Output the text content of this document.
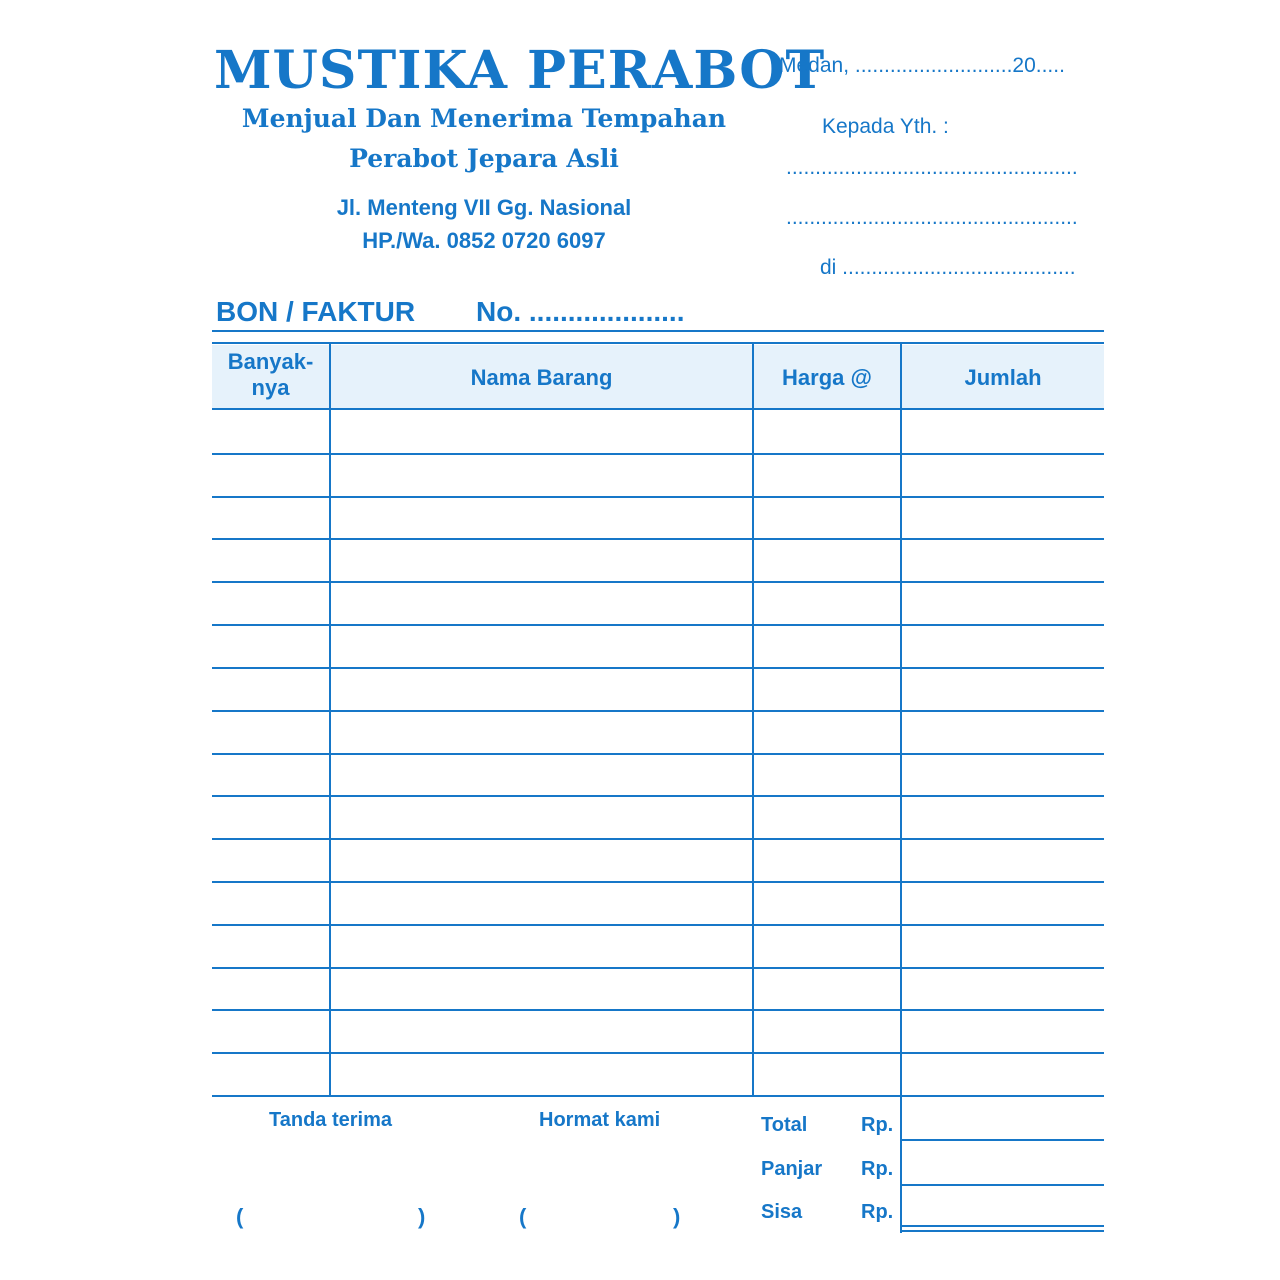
MUSTIKA PERABOT
Menjual Dan Menerima Tempahan
Perabot Jepara Asli
Jl. Menteng VII Gg. Nasional
HP./Wa. 0852 0720 6097
Medan, ...........................20.....
Kepada Yth. :
..................................................
..................................................
di ........................................
BON / FAKTUR No. ....................
Banyak-
nya	Nama Barang	Harga @	Jumlah
Tanda terima	Hormat kami
(	)	(	)
Total	Rp.
Panjar Rp.
Sisa	Rp.
